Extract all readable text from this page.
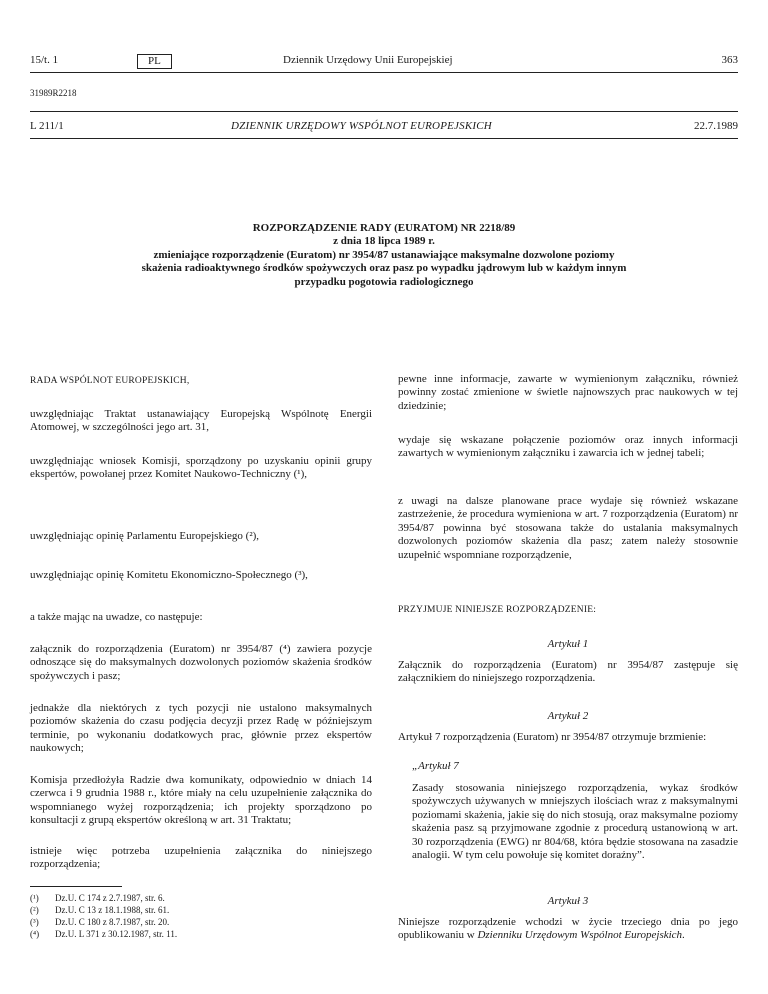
15/t. 1	PL	Dziennik Urzędowy Unii Europejskiej	363
31989R2218
L 211/1	DZIENNIK URZĘDOWY WSPÓLNOT EUROPEJSKICH	22.7.1989
ROZPORZĄDZENIE RADY (EURATOM) NR 2218/89
z dnia 18 lipca 1989 r.
zmieniające rozporządzenie (Euratom) nr 3954/87 ustanawiające maksymalne dozwolone poziomy
skażenia radioaktywnego środków spożywczych oraz pasz po wypadku jądrowym lub w każdym innym
przypadku pogotowia radiologicznego
RADA WSPÓLNOT EUROPEJSKICH,
uwzględniając Traktat ustanawiający Europejską Wspólnotę Energii Atomowej, w szczególności jego art. 31,
uwzględniając wniosek Komisji, sporządzony po uzyskaniu opinii grupy ekspertów, powołanej przez Komitet Naukowo-Techniczny (¹),
uwzględniając opinię Parlamentu Europejskiego (²),
uwzględniając opinię Komitetu Ekonomiczno-Społecznego (³),
a także mając na uwadze, co następuje:
załącznik do rozporządzenia (Euratom) nr 3954/87 (⁴) zawiera pozycje odnoszące się do maksymalnych dozwolonych poziomów skażenia środków spożywczych i pasz;
jednakże dla niektórych z tych pozycji nie ustalono maksymalnych poziomów skażenia do czasu podjęcia decyzji przez Radę w późniejszym terminie, po wykonaniu dodatkowych prac, głównie przez ekspertów naukowych;
Komisja przedłożyła Radzie dwa komunikaty, odpowiednio w dniach 14 czerwca i 9 grudnia 1988 r., które miały na celu uzupełnienie załącznika do wspomnianego wyżej rozporządzenia; ich projekty sporządzono po konsultacji z grupą ekspertów określoną w art. 31 Traktatu;
istnieje więc potrzeba uzupełnienia załącznika do niniejszego rozporządzenia;
(¹) Dz.U. C 174 z 2.7.1987, str. 6.
(²) Dz.U. C 13 z 18.1.1988, str. 61.
(³) Dz.U. C 180 z 8.7.1987, str. 20.
(⁴) Dz.U. L 371 z 30.12.1987, str. 11.
pewne inne informacje, zawarte w wymienionym załączniku, również powinny zostać zmienione w świetle najnowszych prac naukowych w tej dziedzinie;
wydaje się wskazane połączenie poziomów oraz innych informacji zawartych w wymienionym załączniku i zawarcia ich w jednej tabeli;
z uwagi na dalsze planowane prace wydaje się również wskazane zastrzeżenie, że procedura wymieniona w art. 7 rozporządzenia (Euratom) nr 3954/87 powinna być stosowana także do ustalania maksymalnych dozwolonych poziomów skażenia dla pasz; zatem należy stosownie uzupełnić wspomniane rozporządzenie,
PRZYJMUJE NINIEJSZE ROZPORZĄDZENIE:
Artykuł 1
Załącznik do rozporządzenia (Euratom) nr 3954/87 zastępuje się załącznikiem do niniejszego rozporządzenia.
Artykuł 2
Artykuł 7 rozporządzenia (Euratom) nr 3954/87 otrzymuje brzmienie:
„Artykuł 7
Zasady stosowania niniejszego rozporządzenia, wykaz środków spożywczych używanych w mniejszych ilościach wraz z maksymalnymi poziomami skażenia, jakie się do nich stosują, oraz maksymalne poziomy skażenia pasz są przyjmowane zgodnie z procedurą ustanowioną w art. 30 rozporządzenia (EWG) nr 804/68, która będzie stosowana na zasadzie analogii. W tym celu powołuje się komitet doraźny”.
Artykuł 3
Niniejsze rozporządzenie wchodzi w życie trzeciego dnia po jego opublikowaniu w Dzienniku Urzędowym Wspólnot Europejskich.
